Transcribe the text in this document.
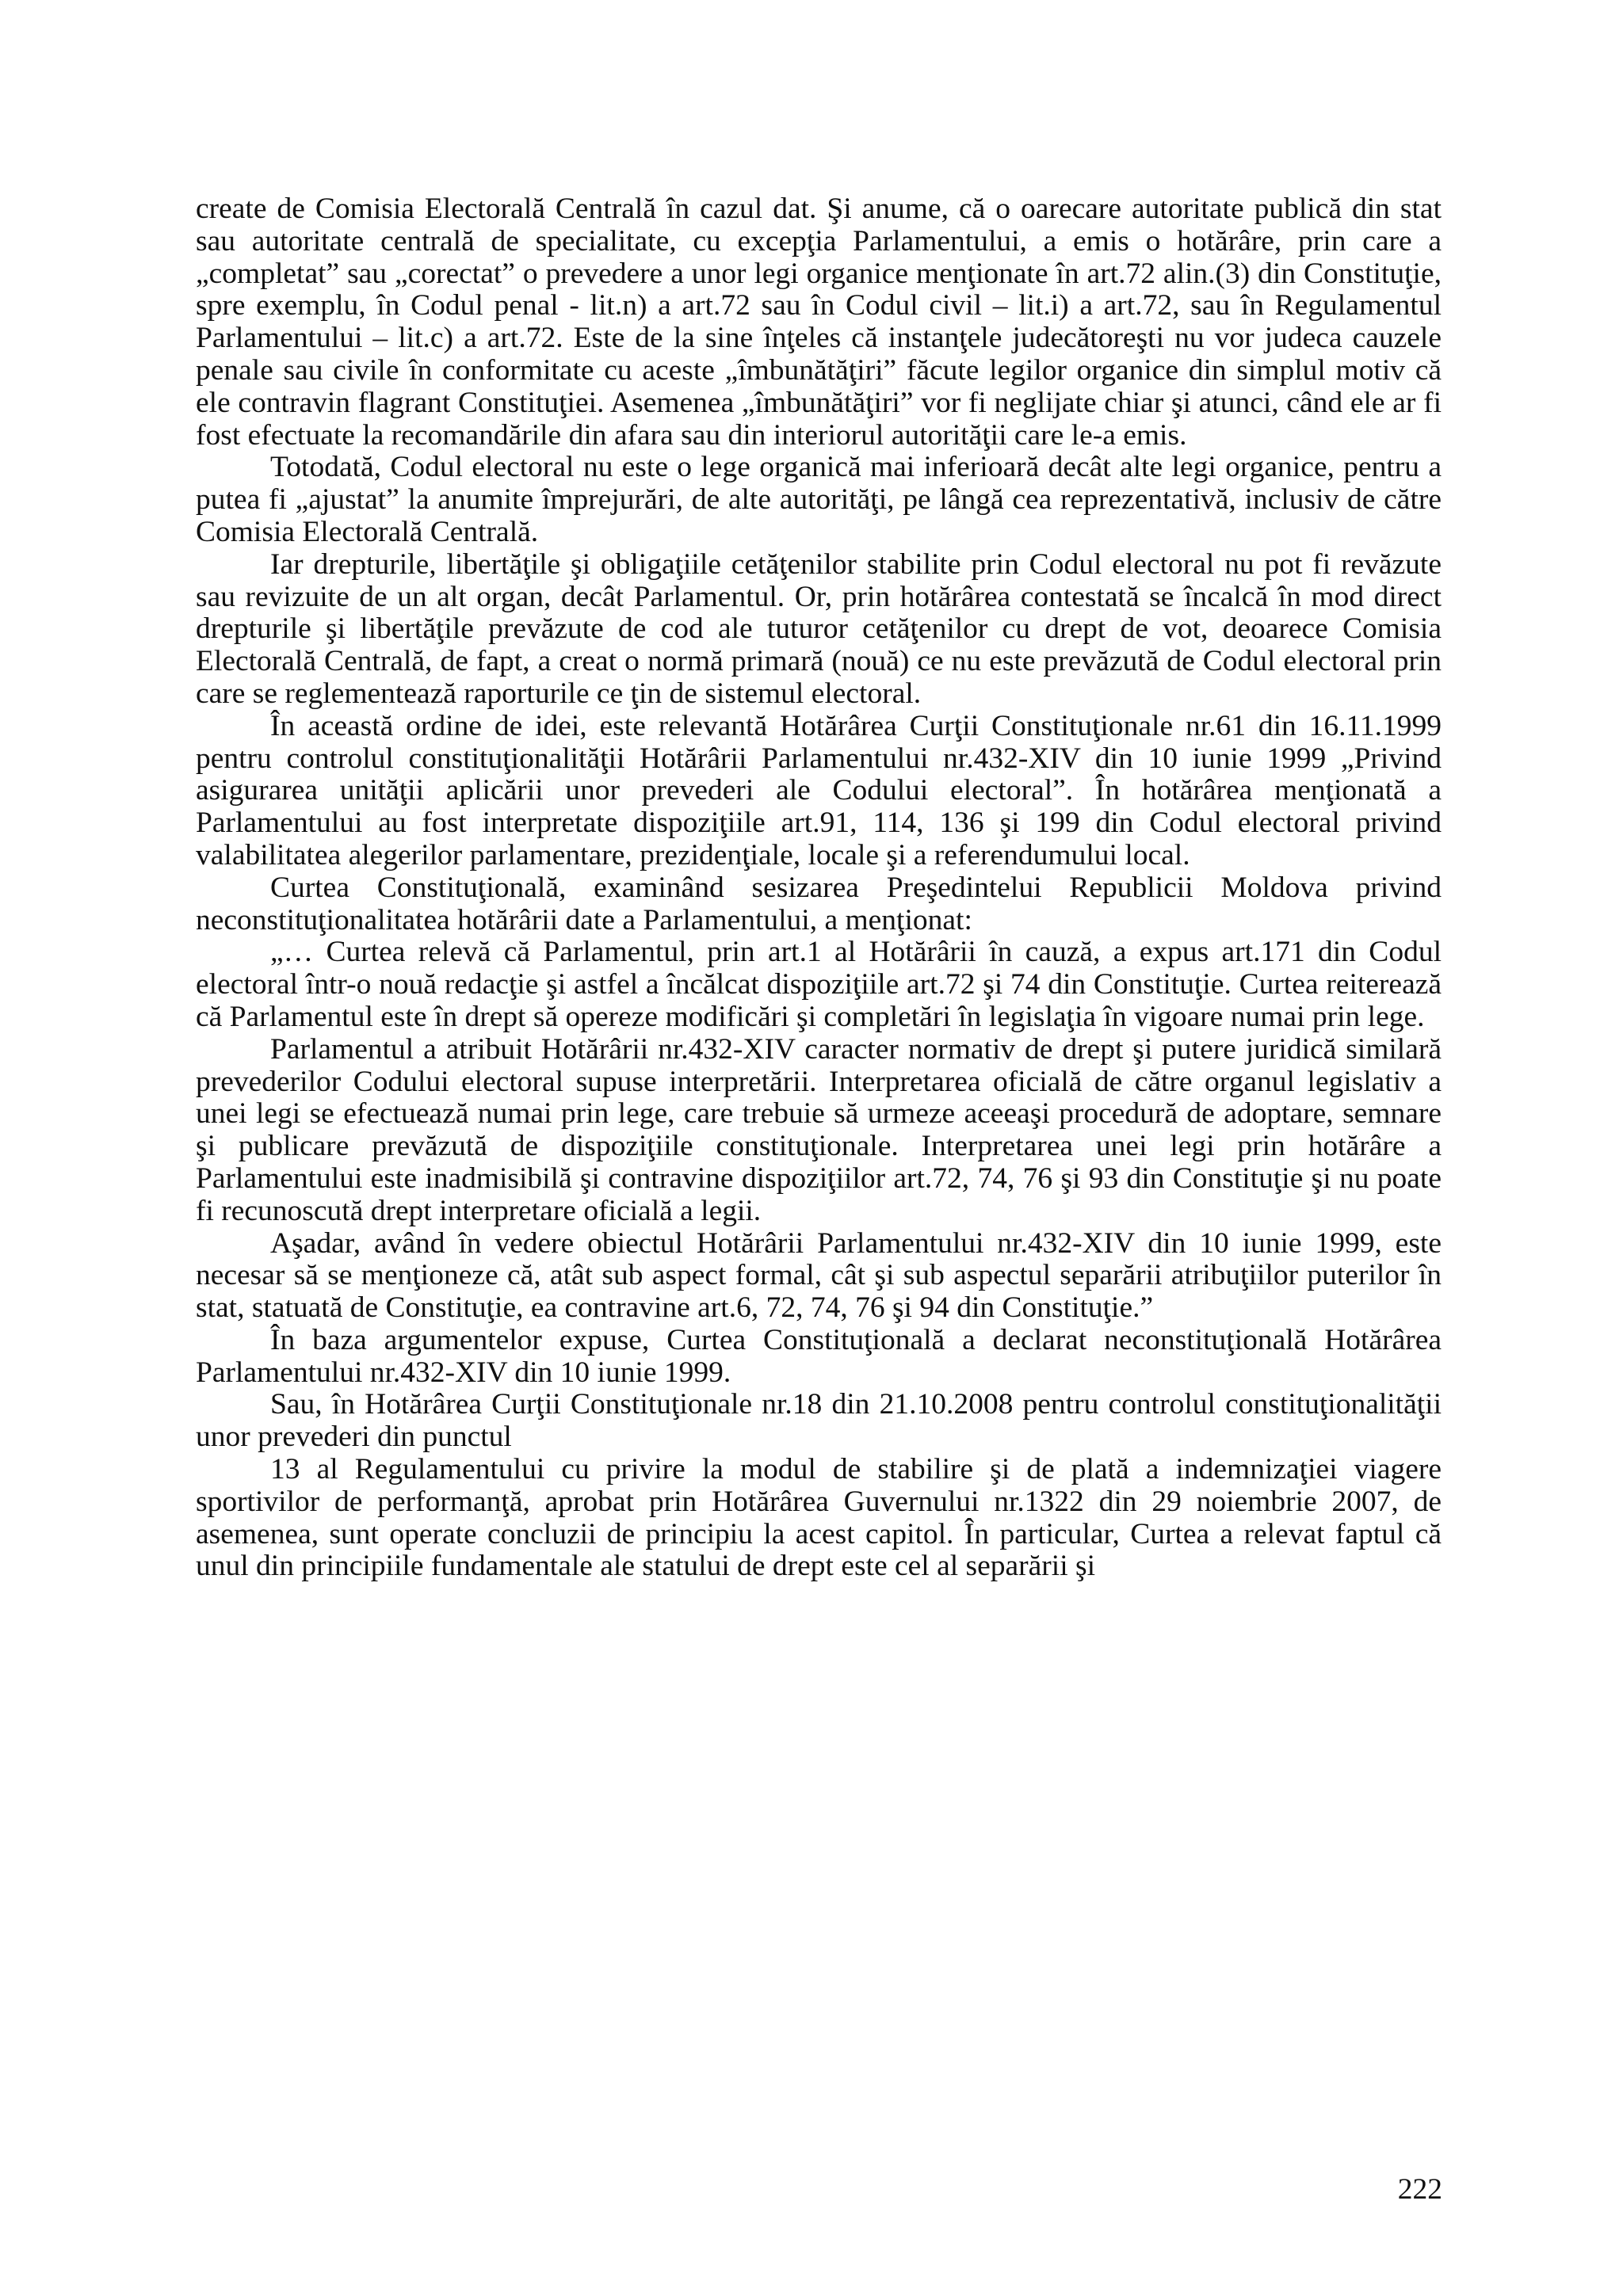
create de Comisia Electorală Centrală în cazul dat. Şi anume, că o oarecare autoritate publică din stat sau autoritate centrală de specialitate, cu excepţia Parlamentului, a emis o hotărâre, prin care a „completat” sau „corectat” o prevedere a unor legi organice menţionate în art.72 alin.(3) din Constituţie, spre exemplu, în Codul penal - lit.n) a art.72 sau în Codul civil – lit.i) a art.72, sau în Regulamentul Parlamentului – lit.c) a art.72. Este de la sine înţeles că instanţele judecătoreşti nu vor judeca cauzele penale sau civile în conformitate cu aceste „îmbunătăţiri” făcute legilor organice din simplul motiv că ele contravin flagrant Constituţiei. Asemenea „îmbunătăţiri” vor fi neglijate chiar şi atunci, când ele ar fi fost efectuate la recomandările din afara sau din interiorul autorităţii care le-a emis.

Totodată, Codul electoral nu este o lege organică mai inferioară decât alte legi organice, pentru a putea fi „ajustat” la anumite împrejurări, de alte autorităţi, pe lângă cea reprezentativă, inclusiv de către Comisia Electorală Centrală.

Iar drepturile, libertăţile şi obligaţiile cetăţenilor stabilite prin Codul electoral nu pot fi revăzute sau revizuite de un alt organ, decât Parlamentul. Or, prin hotărârea contestată se încalcă în mod direct drepturile şi libertăţile prevăzute de cod ale tuturor cetăţenilor cu drept de vot, deoarece Comisia Electorală Centrală, de fapt, a creat o normă primară (nouă) ce nu este prevăzută de Codul electoral prin care se reglementează raporturile ce ţin de sistemul electoral.

În această ordine de idei, este relevantă Hotărârea Curţii Constituţionale nr.61 din 16.11.1999 pentru controlul constituţionalităţii Hotărârii Parlamentului nr.432-XIV din 10 iunie 1999 „Privind asigurarea unităţii aplicării unor prevederi ale Codului electoral”. În hotărârea menţionată a Parlamentului au fost interpretate dispoziţiile art.91, 114, 136 şi 199 din Codul electoral privind valabilitatea alegerilor parlamentare, prezidenţiale, locale şi a referendumului local.

Curtea Constituţională, examinând sesizarea Preşedintelui Republicii Moldova privind neconstituţionalitatea hotărârii date a Parlamentului, a menţionat:

„… Curtea relevă că Parlamentul, prin art.1 al Hotărârii în cauză, a expus art.171 din Codul electoral într-o nouă redacţie şi astfel a încălcat dispoziţiile art.72 şi 74 din Constituţie. Curtea reiterează că Parlamentul este în drept să opereze modificări şi completări în legislaţia în vigoare numai prin lege.

Parlamentul a atribuit Hotărârii nr.432-XIV caracter normativ de drept şi putere juridică similară prevederilor Codului electoral supuse interpretării. Interpretarea oficială de către organul legislativ a unei legi se efectuează numai prin lege, care trebuie să urmeze aceeaşi procedură de adoptare, semnare şi publicare prevăzută de dispoziţiile constituţionale. Interpretarea unei legi prin hotărâre a Parlamentului este inadmisibilă şi contravine dispoziţiilor art.72, 74, 76 şi 93 din Constituţie şi nu poate fi recunoscută drept interpretare oficială a legii.

Aşadar, având în vedere obiectul Hotărârii Parlamentului nr.432-XIV din 10 iunie 1999, este necesar să se menţioneze că, atât sub aspect formal, cât şi sub aspectul separării atribuţiilor puterilor în stat, statuată de Constituţie, ea contravine art.6, 72, 74, 76 şi 94 din Constituţie.”

În baza argumentelor expuse, Curtea Constituţională a declarat neconstituţională Hotărârea Parlamentului nr.432-XIV din 10 iunie 1999.

Sau, în Hotărârea Curţii Constituţionale nr.18 din 21.10.2008 pentru controlul constituţionalităţii unor prevederi din punctul

13 al Regulamentului cu privire la modul de stabilire şi de plată a indemnizaţiei viagere sportivilor de performanţă, aprobat prin Hotărârea Guvernului nr.1322 din 29 noiembrie 2007, de asemenea, sunt operate concluzii de principiu la acest capitol. În particular, Curtea a relevat faptul că unul din principiile fundamentale ale statului de drept este cel al separării şi

222
